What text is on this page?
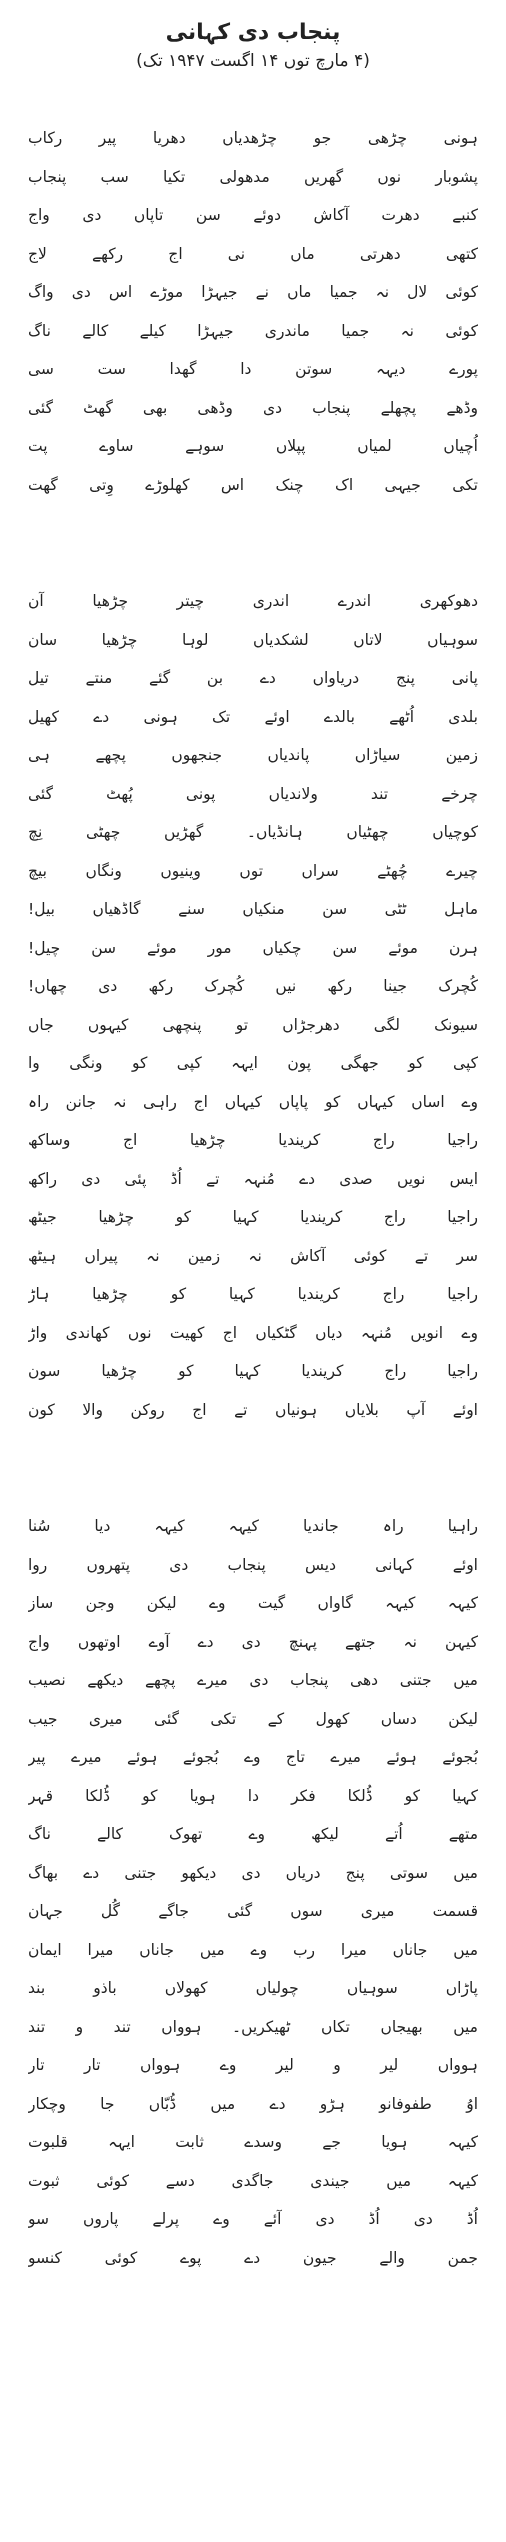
پنجاب دی کہانی
(۴ مارچ توں ۱۴ اگست ۱۹۴۷ تک)
ہونی چڑھی جو چڑھدیاں دھریا پیر رکاب
پشوبار نوں گھریں مدھولی تکیا سب پنجاب
کنبے دھرت آکاش دوئے سن تاپاں دی واج
کتھی دھرتی ماں نی اج رکھے لاج
کوئی لال نہ جمیا ماں نے جیہڑا موڑے اس دی واگ
کوئی نہ جمیا ماندری جیہڑا کیلے کالے ناگ
پورے دیہہ سوتن دا گھدا ست سی
وڈھے پچھلے پنجاب دی وڈھی بھی گھٹ گئی
اُچیاں لمیاں پپلاں سوہے ساوے پت
تکی جیہی اک چنک اس کھلوڑے وِتی گھت
دھوکھری اندرے اندری چیتر چڑھیا آن
سوہیاں لاتاں لشکدیاں لوہا چڑھیا سان
پانی پنج دریاواں دے بن گئے منتے تیل
بلدی اُٹھے بالدے اوئے تک ہونی دے کھیل
زمین سیاڑاں پاندیاں جنجھوں پچھے ہی
چرخے تند ولاندیاں پونی پُھٹ گئی
کوچیاں چھٹیاں ہانڈیاں۔ گھڑیں چھٹی نِچ
چیرے چُھٹے سراں توں وینیوں ونگاں بیچ
ماہل ٹٹی سن منکیاں سنے گاڈھیاں بیل!
ہرن موئے سن چکیاں مور موئے سن چیل!
کُچرک جینا رکھ نیں کُچرک رکھ دی چھاں!
سیونک لگی دھرجڑاں تو پنچھی کیہوں جاں
کپی کو جھگی پون ایہہ کپی کو ونگی وا
وے اساں کیہاں کو پاپاں کیہاں اج راہی نہ جانن راہ
راجیا راج کریندیا چڑھیا اج وساکھ
ایس نویں صدی دے مُنہہ تے اُڈ پئی دی راکھ
راجیا راج کریندیا کہیا کو چڑھیا جیٹھ
سر تے کوئی آکاش نہ زمین نہ پیراں ہیٹھ
راجیا راج کریندیا کہیا کو چڑھیا ہاڑ
وے انویں مُنہہ دیاں گٹکیاں اج کھیت نوں کھاندی واڑ
راجیا راج کریندیا کہیا کو چڑھیا سون
اوئے آپ بلایاں ہونیاں تے اج روکن والا کون
راہیا راہ جاندیا کیہہ کیہہ دیا سُنا
اوئے کہانی دیس پنجاب دی پتھروں روا
کیہہ کیہہ گاواں گیت وے لیکن وجن ساز
کیہن نہ جتھے پہنچ دی دے آوے اوتھوں واج
میں جتنی دھی پنجاب دی میرے پچھے دیکھے نصیب
لیکن دساں کھول کے تکی گئی میری جیب
بُجوئے ہوئے میرے تاج وے بُجوئے ہوئے میرے پیر
کہیا کو ڈُلکا فکر دا ہویا کو ڈُلکا قہر
متھے اُتے لیکھ وے تھوک کالے ناگ
میں سوتی پنج دریاں دی دیکھو جتنی دے بھاگ
قسمت میری سوں گئی جاگے گُل جہان
میں جاناں میرا رب وے میں جاناں میرا ایمان
پاڑاں سوہیاں چولیاں کھولاں باذو بند
میں بھیجاں تکاں ٹھیکریں۔ ہوواں تند و تند
ہوواں لیر و لیر وے ہوواں تار تار
اوُ طفوفانو ہڑو دے میں ڈُبّاں جا وچکار
کیہہ ہویا جے وسدے ثابت ایہہ قلبوت
کیہہ میں جیندی جاگدی دسے کوئی ثبوت
اُڈ دی اُڈ دی آئے وے پرلے پاروں سو
جمن والے جیون دے پوے کوئی کنسو
